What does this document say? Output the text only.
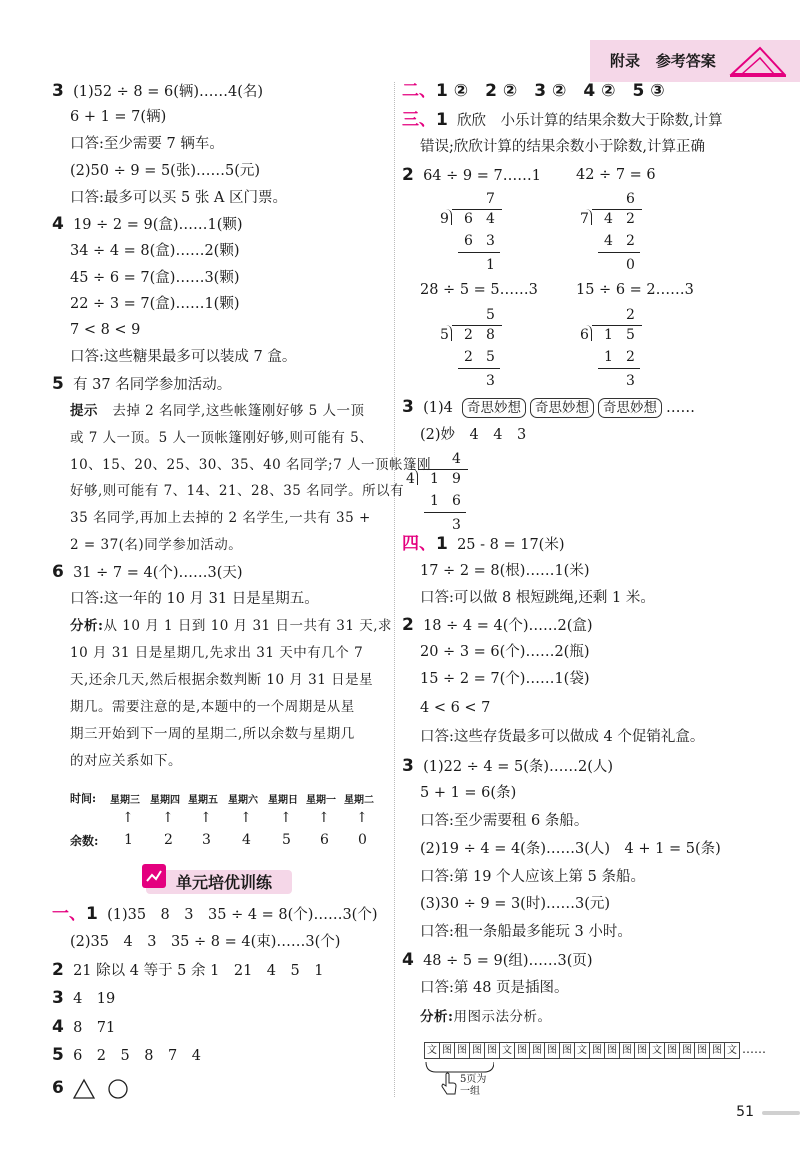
附录 参考答案
3 (1)52 ÷ 8 = 6(辆)……4(名)
6 + 1 = 7(辆)
口答:至少需要 7 辆车。
(2)50 ÷ 9 = 5(张)……5(元)
口答:最多可以买 5 张 A 区门票。
4 19 ÷ 2 = 9(盒)……1(颗)
34 ÷ 4 = 8(盒)……2(颗)
45 ÷ 6 = 7(盒)……3(颗)
22 ÷ 3 = 7(盒)……1(颗)
7 < 8 < 9
口答:这些糖果最多可以装成 7 盒。
5 有 37 名同学参加活动。
提示 去掉 2 名同学,这些帐篷刚好够 5 人一顶
或 7 人一顶。5 人一顶帐篷刚好够,则可能有 5、
10、15、20、25、30、35、40 名同学;7 人一顶帐篷刚
好够,则可能有 7、14、21、28、35 名同学。所以有
35 名同学,再加上去掉的 2 名学生,一共有 35 +
2 = 37(名)同学参加活动。
6 31 ÷ 7 = 4(个)……3(天)
口答:这一年的 10 月 31 日是星期五。
分析:从 10 月 1 日到 10 月 31 日一共有 31 天,求
10 月 31 日是星期几,先求出 31 天中有几个 7
天,还余几天,然后根据余数判断 10 月 31 日是星
期几。需要注意的是,本题中的一个周期是从星
期三开始到下一周的星期二,所以余数与星期几
的对应关系如下。
时间: 星期三
↑
星期四
↑
星期五
↑
星期六
↑
星期日
↑
星期一
↑
星期二
↑
余数: 1 2 3 4 5 6 0
单元培优训练
一、1 (1)35　8　3　35 ÷ 4 = 8(个)……3(个)
(2)35　4　3　35 ÷ 8 = 4(束)……3(个)
2 21 除以 4 等于 5 余 1　21　4　5　1
3 4　19
4 8　71
5 6　2　5　8　7　4
6
二、1 ②　2 ②　3 ②　4 ②　5 ③
三、1 欣欣　小乐计算的结果余数大于除数,计算
错误;欣欣计算的结果余数小于除数,计算正确
2 64 ÷ 9 = 7……1 42 ÷ 7 = 6
7
9 6 4
6 3
1
6
7 4 2
4 2
0
28 ÷ 5 = 5……3	15 ÷ 6 = 2……3
5
5 2 8
2 5
3
2
6 1 5
1 2
3
3 (1)4 奇思妙想 奇思妙想 奇思妙想 ……
(2)妙　4　4　3
4
4 1 9
1 6
3
四、1 25 - 8 = 17(米)
17 ÷ 2 = 8(根)……1(米)
口答:可以做 8 根短跳绳,还剩 1 米。
2 18 ÷ 4 = 4(个)……2(盒)
20 ÷ 3 = 6(个)……2(瓶)
15 ÷ 2 = 7(个)……1(袋)
4 < 6 < 7
口答:这些存货最多可以做成 4 个促销礼盒。
3 (1)22 ÷ 4 = 5(条)……2(人)
5 + 1 = 6(条)
口答:至少需要租 6 条船。
(2)19 ÷ 4 = 4(条)……3(人)　4 + 1 = 5(条)
口答:第 19 个人应该上第 5 条船。
(3)30 ÷ 9 = 3(时)……3(元)
口答:租一条船最多能玩 3 小时。
4 48 ÷ 5 = 9(组)……3(页)
口答:第 48 页是插图。
分析:用图示法分析。
文 图 图 图 图 文 图 图 图 图 文 图 图 图 图 文 图 图 图 图 文 ……
5页为
一组
51
